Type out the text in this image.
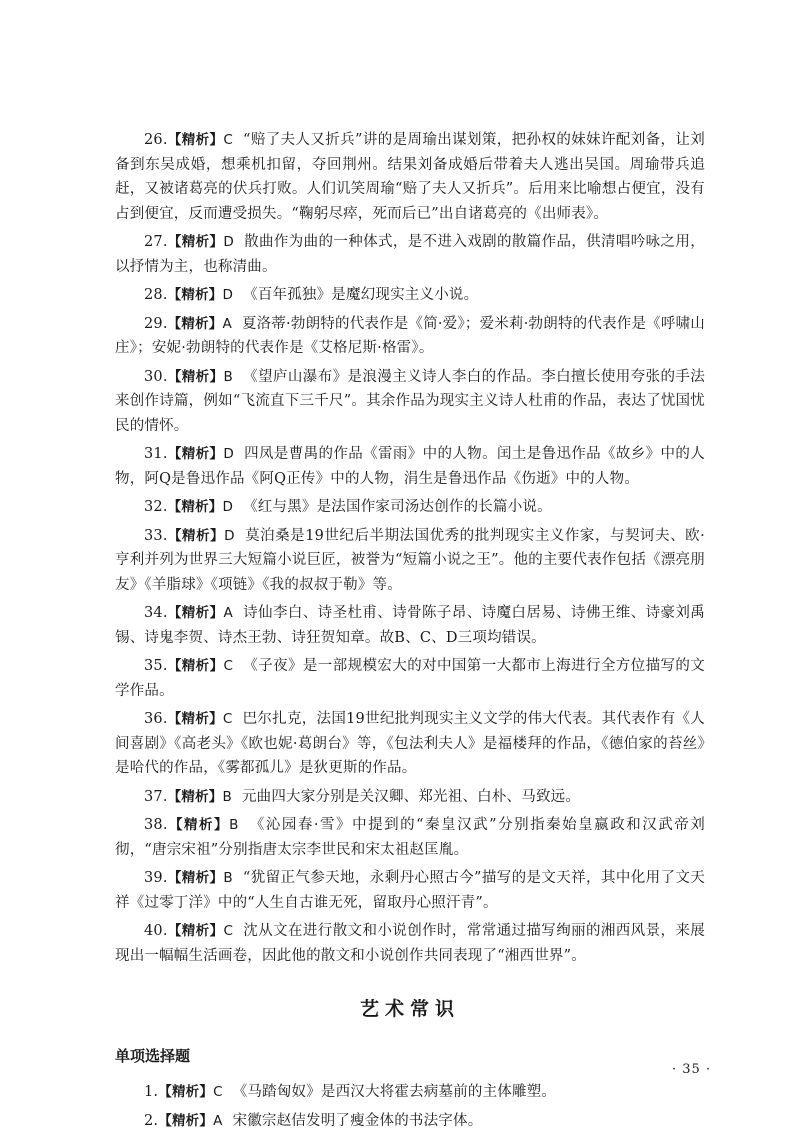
26.【精析】C “赔了夫人又折兵”讲的是周瑜出谋划策，把孙权的妹妹许配刘备，让刘备到东吴成婚，想乘机扣留，夺回荆州。结果刘备成婚后带着夫人逃出吴国。周瑜带兵追赶，又被诸葛亮的伏兵打败。人们讥笑周瑜“赔了夫人又折兵”。后用来比喻想占便宜，没有占到便宜，反而遭受损失。“鞠躬尽瘁，死而后已”出自诸葛亮的《出师表》。

27.【精析】D 散曲作为曲的一种体式，是不进入戏剧的散篇作品，供清唱吟咏之用，以抒情为主，也称清曲。

28.【精析】D 《百年孤独》是魔幻现实主义小说。

29.【精析】A 夏洛蒂·勃朗特的代表作是《简·爱》；爱米莉·勃朗特的代表作是《呼啸山庄》；安妮·勃朗特的代表作是《艾格尼斯·格雷》。

30.【精析】B 《望庐山瀑布》是浪漫主义诗人李白的作品。李白擅长使用夸张的手法来创作诗篇，例如“飞流直下三千尺”。其余作品为现实主义诗人杜甫的作品，表达了忧国忧民的情怀。

31.【精析】D 四凤是曹禺的作品《雷雨》中的人物。闰土是鲁迅作品《故乡》中的人物，阿Q是鲁迅作品《阿Q正传》中的人物，涓生是鲁迅作品《伤逝》中的人物。

32.【精析】D 《红与黑》是法国作家司汤达创作的长篇小说。

33.【精析】D 莫泊桑是19世纪后半期法国优秀的批判现实主义作家，与契诃夫、欧·亨利并列为世界三大短篇小说巨匠，被誉为“短篇小说之王”。他的主要代表作包括《漂亮朋友》《羊脂球》《项链》《我的叔叔于勒》等。

34.【精析】A 诗仙李白、诗圣杜甫、诗骨陈子昂、诗魔白居易、诗佛王维、诗豪刘禹锡、诗鬼李贺、诗杰王勃、诗狂贺知章。故B、C、D三项均错误。

35.【精析】C 《子夜》是一部规模宏大的对中国第一大都市上海进行全方位描写的文学作品。

36.【精析】C 巴尔扎克，法国19世纪批判现实主义文学的伟大代表。其代表作有《人间喜剧》《高老头》《欧也妮·葛朗台》等，《包法利夫人》是福楼拜的作品，《德伯家的苔丝》是哈代的作品，《雾都孤儿》是狄更斯的作品。

37.【精析】B 元曲四大家分别是关汉卿、郑光祖、白朴、马致远。

38.【精析】B 《沁园春·雪》中提到的“秦皇汉武”分别指秦始皇嬴政和汉武帝刘彻，“唐宗宋祖”分别指唐太宗李世民和宋太祖赵匡胤。

39.【精析】B “犹留正气参天地，永剩丹心照古今”描写的是文天祥，其中化用了文天祥《过零丁洋》中的“人生自古谁无死，留取丹心照汗青”。

40.【精析】C 沈从文在进行散文和小说创作时，常常通过描写绚丽的湘西风景，来展现出一幅幅生活画卷，因此他的散文和小说创作共同表现了“湘西世界”。

艺术常识
单项选择题

1.【精析】C 《马踏匈奴》是西汉大将霍去病墓前的主体雕塑。

2.【精析】A 宋徽宗赵佶发明了瘦金体的书法字体。

· 35 ·
